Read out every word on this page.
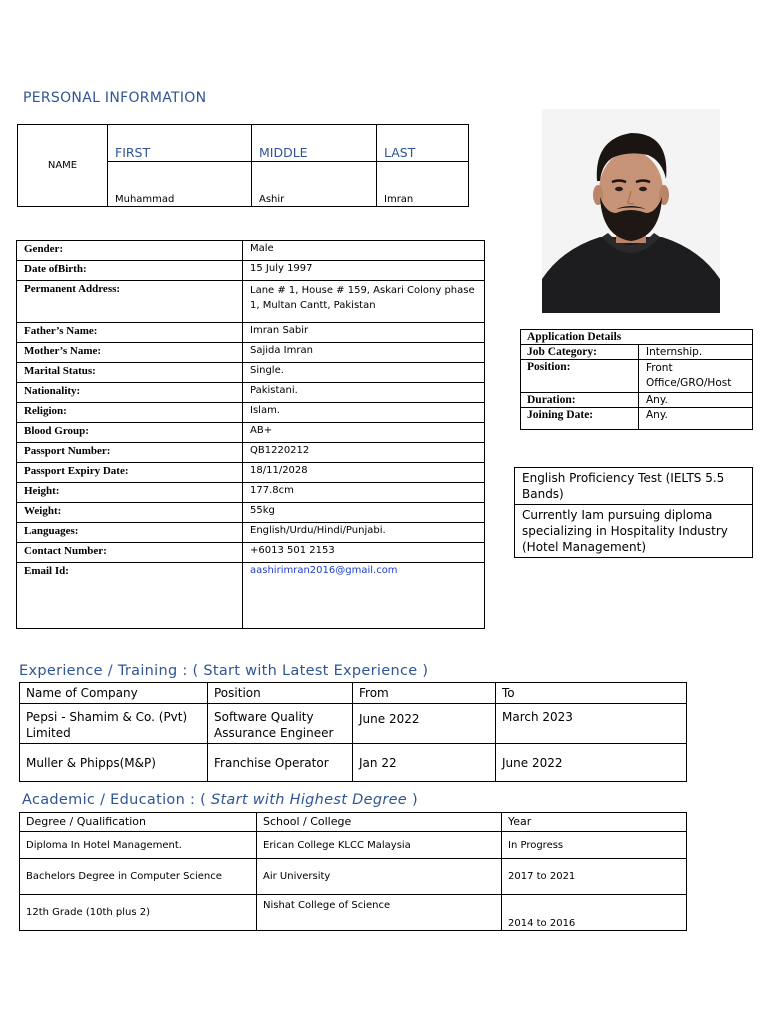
PERSONAL INFORMATION
NAME	FIRST	MIDDLE	LAST
	Muhammad	Ashir	Imran
Gender:	Male
Date ofBirth:	15 July 1997
Permanent Address:	Lane # 1, House # 159, Askari Colony phase 1, Multan Cantt, Pakistan
Father’s Name:	Imran Sabir
Mother’s Name:	Sajida Imran
Marital Status:	Single.
Nationality:	Pakistani.
Religion:	Islam.
Blood Group:	AB+
Passport Number:	QB1220212
Passport Expiry Date:	18/11/2028
Height:	177.8cm
Weight:	55kg
Languages:	English/Urdu/Hindi/Punjabi.
Contact Number:	+6013 501 2153
Email Id:	aashirimran2016@gmail.com
Application Details	
Job Category:	Internship.
Position:	Front Office/GRO/Host
Duration:	Any.
Joining Date:	Any.
English Proficiency Test (IELTS 5.5 Bands)
Currently Iam pursuing diploma specializing in Hospitality Industry (Hotel Management)
Experience / Training : ( Start with Latest Experience )
Name of Company	Position	From	To
Pepsi - Shamim & Co. (Pvt) Limited	Software Quality Assurance Engineer	June 2022	March 2023
Muller & Phipps(M&P)	Franchise Operator	Jan 22	June 2022
Academic / Education : ( Start with Highest Degree )
Degree / Qualification	School / College	Year
Diploma In Hotel Management.	Erican College KLCC Malaysia	In Progress
Bachelors Degree in Computer Science	Air University	2017 to 2021
12th Grade (10th plus 2)	Nishat College of Science	2014 to 2016
